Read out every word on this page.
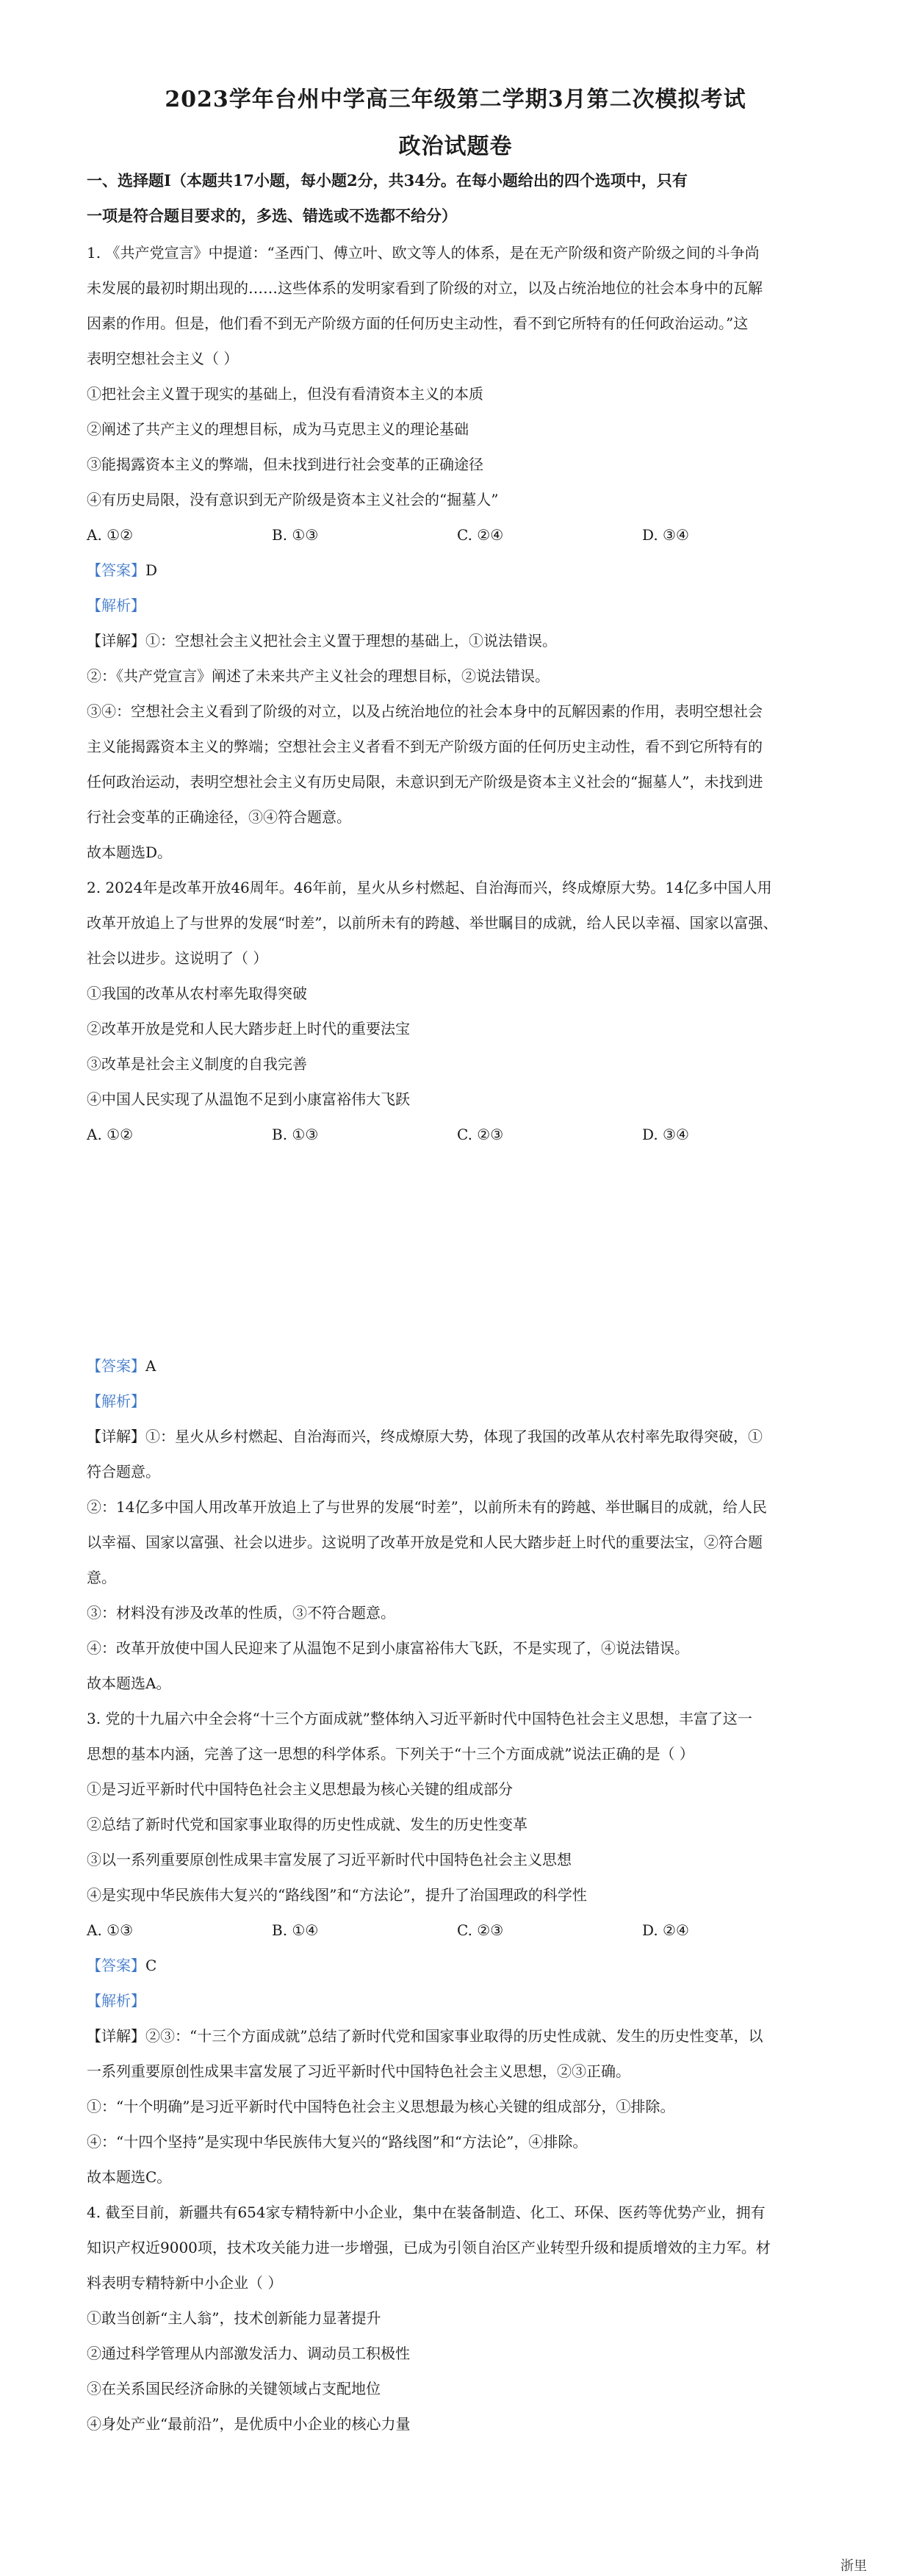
2023学年台州中学高三年级第二学期3月第二次模拟考试
政治试题卷
一、选择题Ⅰ（本题共17小题，每小题2分，共34分。在每小题给出的四个选项中，只有
一项是符合题目要求的，多选、错选或不选都不给分）
1. 《共产党宣言》中提道：“圣西门、傅立叶、欧文等人的体系，是在无产阶级和资产阶级之间的斗争尚
未发展的最初时期出现的……这些体系的发明家看到了阶级的对立，以及占统治地位的社会本身中的瓦解
因素的作用。但是，他们看不到无产阶级方面的任何历史主动性，看不到它所特有的任何政治运动。”这
表明空想社会主义（ ）
①把社会主义置于现实的基础上，但没有看清资本主义的本质
②阐述了共产主义的理想目标，成为马克思主义的理论基础
③能揭露资本主义的弊端，但未找到进行社会变革的正确途径
④有历史局限，没有意识到无产阶级是资本主义社会的“掘墓人”
A. ①②	B. ①③	C. ②④	D. ③④
【答案】D
【解析】
【详解】①：空想社会主义把社会主义置于理想的基础上，①说法错误。
②：《共产党宣言》阐述了未来共产主义社会的理想目标，②说法错误。
③④：空想社会主义看到了阶级的对立，以及占统治地位的社会本身中的瓦解因素的作用，表明空想社会
主义能揭露资本主义的弊端；空想社会主义者看不到无产阶级方面的任何历史主动性，看不到它所特有的
任何政治运动，表明空想社会主义有历史局限，未意识到无产阶级是资本主义社会的“掘墓人”，未找到进
行社会变革的正确途径，③④符合题意。
故本题选D。
2. 2024年是改革开放46周年。46年前，星火从乡村燃起、自治海而兴，终成燎原大势。14亿多中国人用
改革开放追上了与世界的发展“时差”，以前所未有的跨越、举世瞩目的成就，给人民以幸福、国家以富强、
社会以进步。这说明了（ ）
①我国的改革从农村率先取得突破
②改革开放是党和人民大踏步赶上时代的重要法宝
③改革是社会主义制度的自我完善
④中国人民实现了从温饱不足到小康富裕伟大飞跃
A. ①②	B. ①③	C. ②③	D. ③④
【答案】A
【解析】
【详解】①：星火从乡村燃起、自治海而兴，终成燎原大势，体现了我国的改革从农村率先取得突破，①
符合题意。
②：14亿多中国人用改革开放追上了与世界的发展“时差”，以前所未有的跨越、举世瞩目的成就，给人民
以幸福、国家以富强、社会以进步。这说明了改革开放是党和人民大踏步赶上时代的重要法宝，②符合题
意。
③：材料没有涉及改革的性质，③不符合题意。
④：改革开放使中国人民迎来了从温饱不足到小康富裕伟大飞跃，不是实现了，④说法错误。
故本题选A。
3. 党的十九届六中全会将“十三个方面成就”整体纳入习近平新时代中国特色社会主义思想，丰富了这一
思想的基本内涵，完善了这一思想的科学体系。下列关于“十三个方面成就”说法正确的是（ ）
①是习近平新时代中国特色社会主义思想最为核心关键的组成部分
②总结了新时代党和国家事业取得的历史性成就、发生的历史性变革
③以一系列重要原创性成果丰富发展了习近平新时代中国特色社会主义思想
④是实现中华民族伟大复兴的“路线图”和“方法论”，提升了治国理政的科学性
A. ①③	B. ①④	C. ②③	D. ②④
【答案】C
【解析】
【详解】②③：“十三个方面成就”总结了新时代党和国家事业取得的历史性成就、发生的历史性变革，以
一系列重要原创性成果丰富发展了习近平新时代中国特色社会主义思想，②③正确。
①：“十个明确”是习近平新时代中国特色社会主义思想最为核心关键的组成部分，①排除。
④：“十四个坚持”是实现中华民族伟大复兴的“路线图”和“方法论”，④排除。
故本题选C。
4. 截至目前，新疆共有654家专精特新中小企业，集中在装备制造、化工、环保、医药等优势产业，拥有
知识产权近9000项，技术攻关能力进一步增强，已成为引领自治区产业转型升级和提质增效的主力军。材
料表明专精特新中小企业（ ）
①敢当创新“主人翁”，技术创新能力显著提升
②通过科学管理从内部激发活力、调动员工积极性
③在关系国民经济命脉的关键领域占支配地位
④身处产业“最前沿”，是优质中小企业的核心力量
浙里
